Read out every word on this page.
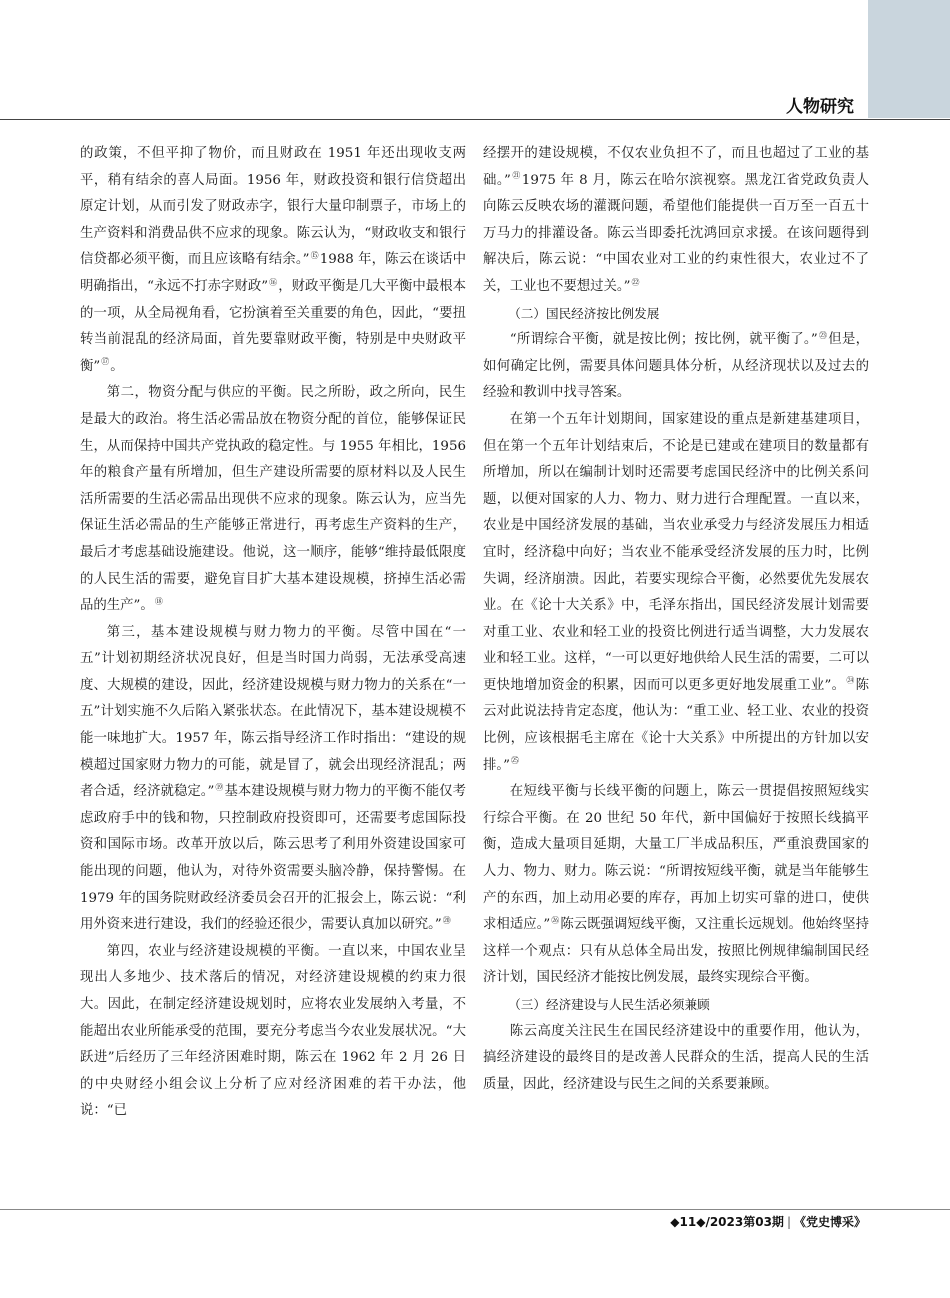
人物研究

的政策，不但平抑了物价，而且财政在 1951 年还出现收支两平，稍有结余的喜人局面。1956 年，财政投资和银行信贷超出原定计划，从而引发了财政赤字，银行大量印制票子，市场上的生产资料和消费品供不应求的现象。陈云认为，“财政收支和银行信贷都必须平衡，而且应该略有结余。”⑮1988 年，陈云在谈话中明确指出，“永远不打赤字财政”⑯，财政平衡是几大平衡中最根本的一项，从全局视角看，它扮演着至关重要的角色，因此，“要扭转当前混乱的经济局面，首先要靠财政平衡，特别是中央财政平衡”⑰。

第二，物资分配与供应的平衡。民之所盼，政之所向，民生是最大的政治。将生活必需品放在物资分配的首位，能够保证民生，从而保持中国共产党执政的稳定性。与 1955 年相比，1956 年的粮食产量有所增加，但生产建设所需要的原材料以及人民生活所需要的生活必需品出现供不应求的现象。陈云认为，应当先保证生活必需品的生产能够正常进行，再考虑生产资料的生产，最后才考虑基础设施建设。他说，这一顺序，能够“维持最低限度的人民生活的需要，避免盲目扩大基本建设规模，挤掉生活必需品的生产”。⑱

第三，基本建设规模与财力物力的平衡。尽管中国在“一五”计划初期经济状况良好，但是当时国力尚弱，无法承受高速度、大规模的建设，因此，经济建设规模与财力物力的关系在“一五”计划实施不久后陷入紧张状态。在此情况下，基本建设规模不能一味地扩大。1957 年，陈云指导经济工作时指出：“建设的规模超过国家财力物力的可能，就是冒了，就会出现经济混乱；两者合适，经济就稳定。”⑲基本建设规模与财力物力的平衡不能仅考虑政府手中的钱和物，只控制政府投资即可，还需要考虑国际投资和国际市场。改革开放以后，陈云思考了利用外资建设国家可能出现的问题，他认为，对待外资需要头脑冷静，保持警惕。在 1979 年的国务院财政经济委员会召开的汇报会上，陈云说：“利用外资来进行建设，我们的经验还很少，需要认真加以研究。”⑳

第四，农业与经济建设规模的平衡。一直以来，中国农业呈现出人多地少、技术落后的情况，对经济建设规模的约束力很大。因此，在制定经济建设规划时，应将农业发展纳入考量，不能超出农业所能承受的范围，要充分考虑当今农业发展状况。“大跃进”后经历了三年经济困难时期，陈云在 1962 年 2 月 26 日的中央财经小组会议上分析了应对经济困难的若干办法，他说：“已

经摆开的建设规模，不仅农业负担不了，而且也超过了工业的基础。”$^㉑$1975 年 8 月，陈云在哈尔滨视察。黑龙江省党政负责人向陈云反映农场的灌溉问题，希望他们能提供一百万至一百五十万马力的排灌设备。陈云当即委托沈鸿回京求援。在该问题得到解决后，陈云说：“中国农业对工业的约束性很大，农业过不了关，工业也不要想过关。”$^㉒$

（二）国民经济按比例发展

“所谓综合平衡，就是按比例；按比例，就平衡了。”$^㉓$但是，如何确定比例，需要具体问题具体分析，从经济现状以及过去的经验和教训中找寻答案。

在第一个五年计划期间，国家建设的重点是新建基建项目，但在第一个五年计划结束后，不论是已建或在建项目的数量都有所增加，所以在编制计划时还需要考虑国民经济中的比例关系问题，以便对国家的人力、物力、财力进行合理配置。一直以来，农业是中国经济发展的基础，当农业承受力与经济发展压力相适宜时，经济稳中向好；当农业不能承受经济发展的压力时，比例失调，经济崩溃。因此，若要实现综合平衡，必然要优先发展农业。在《论十大关系》中，毛泽东指出，国民经济发展计划需要对重工业、农业和轻工业的投资比例进行适当调整，大力发展农业和轻工业。这样，“一可以更好地供给人民生活的需要，二可以更快地增加资金的积累，因而可以更多更好地发展重工业”。$^㉔$陈云对此说法持肯定态度，他认为：“重工业、轻工业、农业的投资比例，应该根据毛主席在《论十大关系》中所提出的方针加以安排。”$^㉕$

在短线平衡与长线平衡的问题上，陈云一贯提倡按照短线实行综合平衡。在 20 世纪 50 年代，新中国偏好于按照长线搞平衡，造成大量项目延期，大量工厂半成品积压，严重浪费国家的人力、物力、财力。陈云说：“所谓按短线平衡，就是当年能够生产的东西，加上动用必要的库存，再加上切实可靠的进口，使供求相适应。”$^㉖$陈云既强调短线平衡，又注重长远规划。他始终坚持这样一个观点：只有从总体全局出发，按照比例规律编制国民经济计划，国民经济才能按比例发展，最终实现综合平衡。

（三）经济建设与人民生活必须兼顾

陈云高度关注民生在国民经济建设中的重要作用，他认为，搞经济建设的最终目的是改善人民群众的生活，提高人民的生活质量，因此，经济建设与民生之间的关系要兼顾。

◆11◆/2023第03期 | 《党史博采》
